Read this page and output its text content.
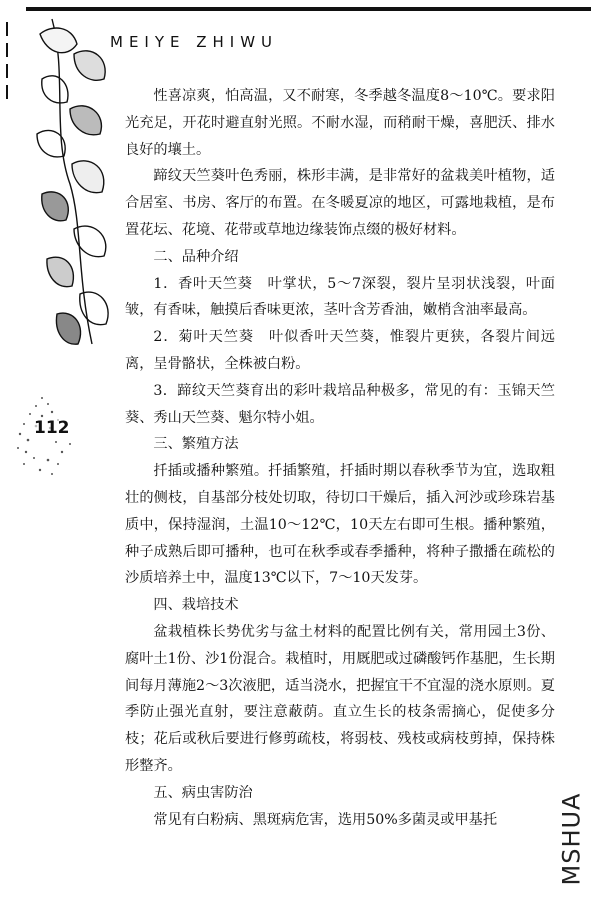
MEIYE ZHIWU
112

性喜凉爽，怕高温，又不耐寒，冬季越冬温度8～10℃。要求阳光充足，开花时避直射光照。不耐水湿，而稍耐干燥，喜肥沃、排水良好的壤土。

蹄纹天竺葵叶色秀丽，株形丰满，是非常好的盆栽美叶植物，适合居室、书房、客厅的布置。在冬暖夏凉的地区，可露地栽植，是布置花坛、花境、花带或草地边缘装饰点缀的极好材料。

二、品种介绍

1．香叶天竺葵　叶掌状，5～7深裂，裂片呈羽状浅裂，叶面皱，有香味，触摸后香味更浓，茎叶含芳香油，嫩梢含油率最高。

2．菊叶天竺葵　叶似香叶天竺葵，惟裂片更狭，各裂片间远离，呈骨骼状，全株被白粉。

3．蹄纹天竺葵育出的彩叶栽培品种极多，常见的有：玉锦天竺葵、秀山天竺葵、魁尔特小姐。

三、繁殖方法

扦插或播种繁殖。扦插繁殖，扦插时期以春秋季节为宜，选取粗壮的侧枝，自基部分枝处切取，待切口干燥后，插入河沙或珍珠岩基质中，保持湿润，土温10～12℃，10天左右即可生根。播种繁殖，种子成熟后即可播种，也可在秋季或春季播种，将种子撒播在疏松的沙质培养土中，温度13℃以下，7～10天发芽。

四、栽培技术

盆栽植株长势优劣与盆土材料的配置比例有关，常用园土3份、腐叶土1份、沙1份混合。栽植时，用厩肥或过磷酸钙作基肥，生长期间每月薄施2～3次液肥，适当浇水，把握宜干不宜湿的浇水原则。夏季防止强光直射，要注意蔽荫。直立生长的枝条需摘心，促使多分枝；花后或秋后要进行修剪疏枝，将弱枝、残枝或病枝剪掉，保持株形整齐。

五、病虫害防治

常见有白粉病、黑斑病危害，选用50%多菌灵或甲基托	MSHUA
